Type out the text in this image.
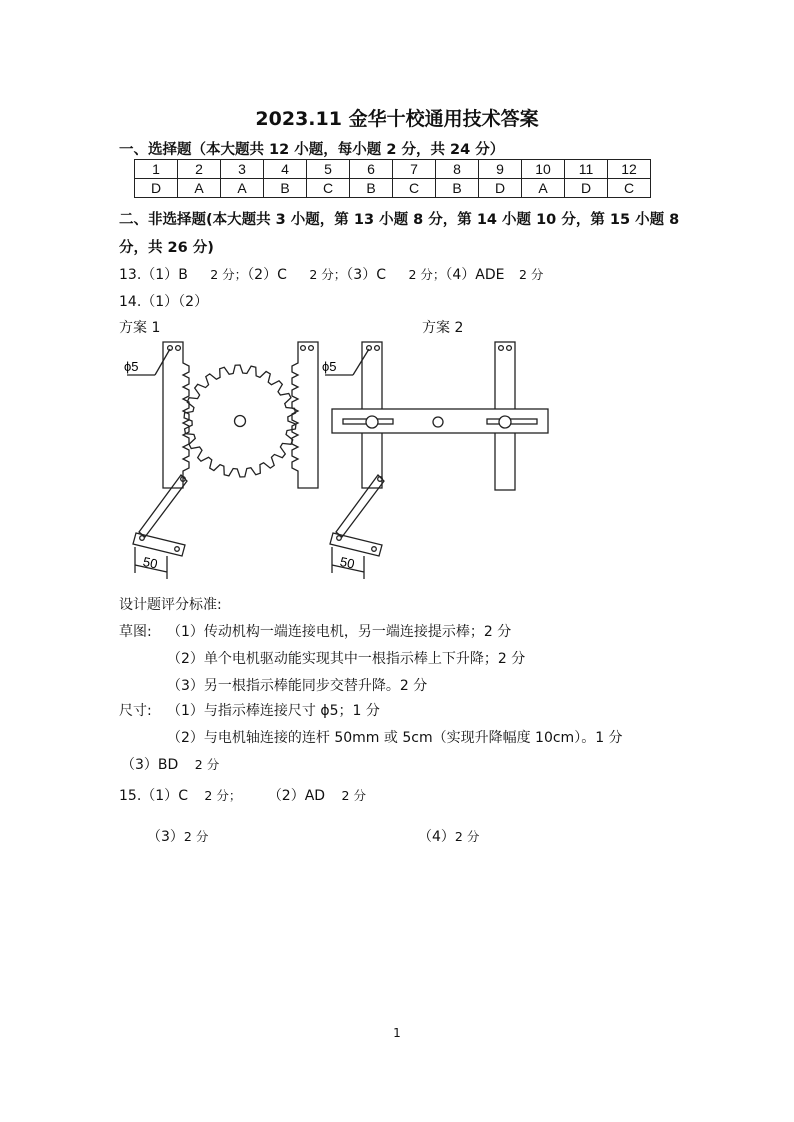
2023.11 金华十校通用技术答案
一、选择题（本大题共 12 小题，每小题 2 分，共 24 分）
1	2	3	4	5	6	7	8	9	10	11	12
D	A	A	B	C	B	C	B	D	A	D	C
二、非选择题(本大题共 3 小题，第 13 小题 8 分，第 14 小题 10 分，第 15 小题 8
分，共 26 分)
13.（1）B 2 分；（2）C 2 分；（3）C 2 分；（4）ADE 2 分
14.（1）（2）
方案 1	方案 2
ϕ5	ϕ5
50	50
设计题评分标准:
草图: （1）传动机构一端连接电机，另一端连接提示棒；2 分
（2）单个电机驱动能实现其中一根指示棒上下升降；2 分
（3）另一根指示棒能同步交替升降。2 分
尺寸: （1）与指示棒连接尺寸 ϕ5；1 分
（2）与电机轴连接的连杆 50mm 或 5cm（实现升降幅度 10cm）。1 分
（3）BD 2 分
15.（1）C 2 分； （2）AD 2 分
（3）2 分	（4）2 分
1
